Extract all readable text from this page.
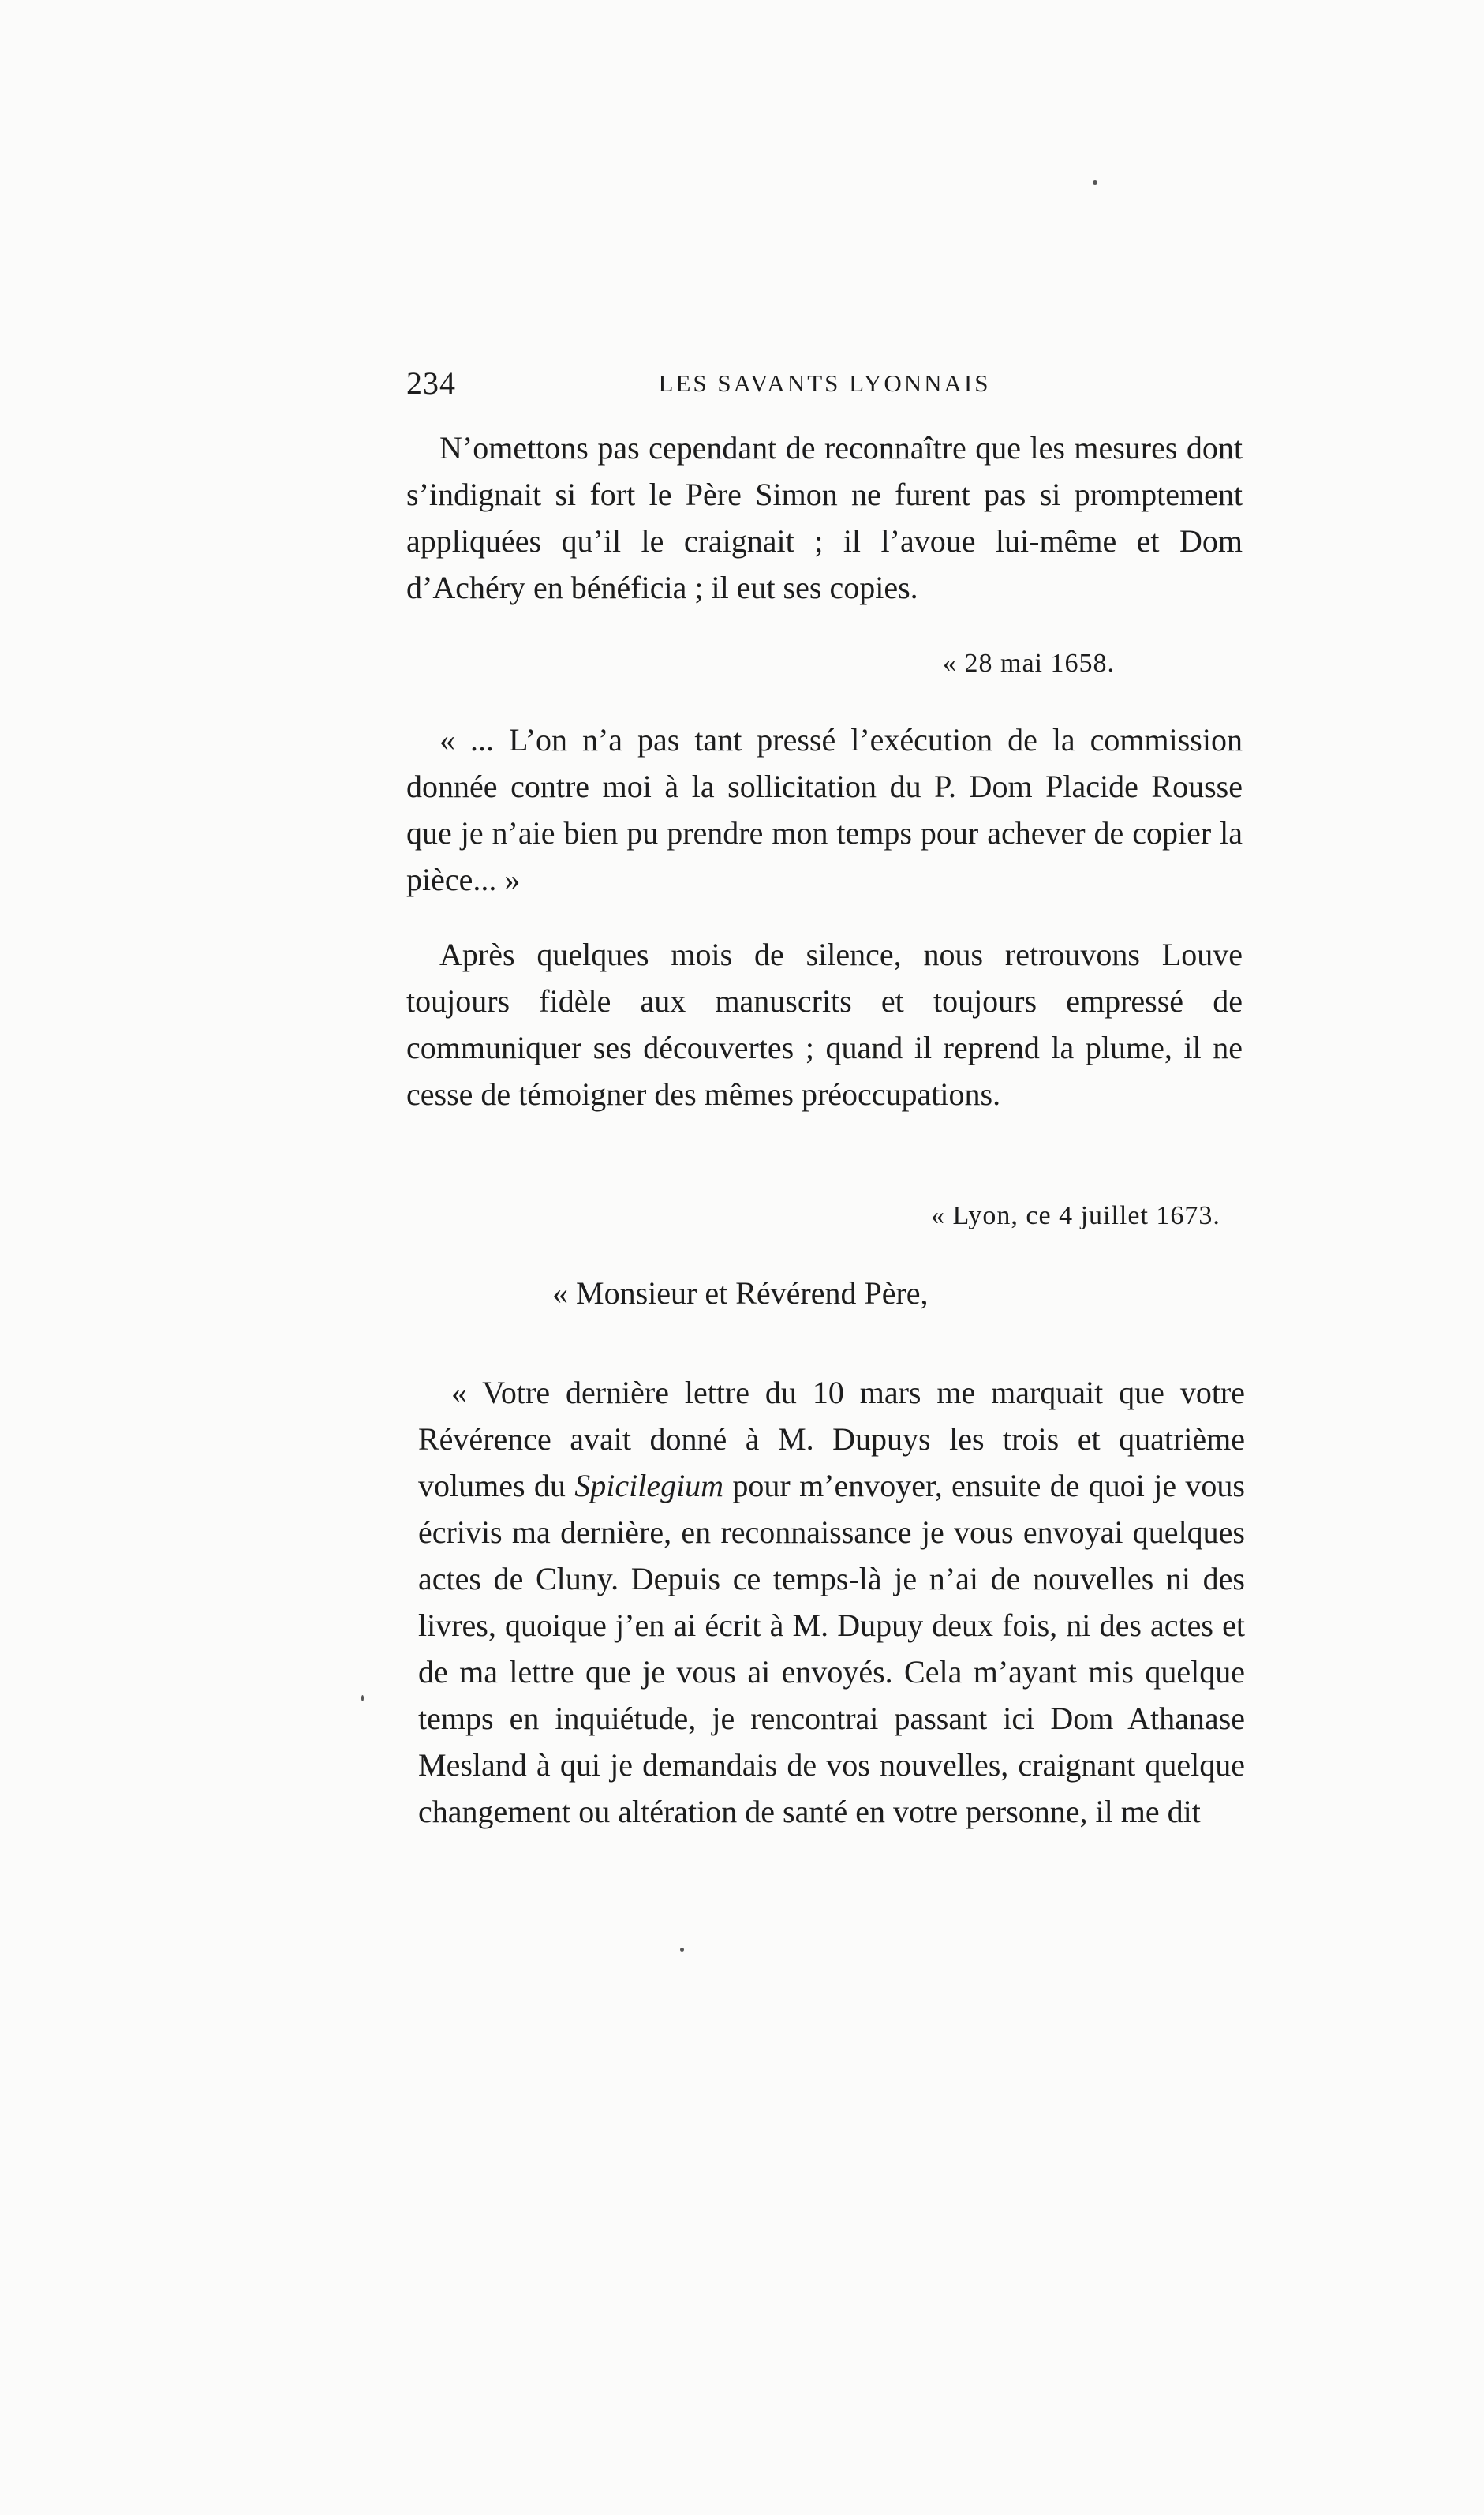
234	LES SAVANTS LYONNAIS

N’omettons pas cependant de reconnaître que les mesures dont s’indignait si fort le Père Simon ne furent pas si promptement appliquées qu’il le craignait ; il l’avoue lui-même et Dom d’Achéry en bénéficia ; il eut ses copies.

« 28 mai 1658.

« ... L’on n’a pas tant pressé l’exécution de la commission donnée contre moi à la sollicitation du P. Dom Placide Rousse que je n’aie bien pu prendre mon temps pour achever de copier la pièce... »

Après quelques mois de silence, nous retrouvons Louve toujours fidèle aux manuscrits et toujours empressé de communiquer ses découvertes ; quand il reprend la plume, il ne cesse de témoigner des mêmes préoccupations.

« Lyon, ce 4 juillet 1673.
« Monsieur et Révérend Père,

« Votre dernière lettre du 10 mars me marquait que votre Révérence avait donné à M. Dupuys les trois et quatrième volumes du Spicilegium pour m’envoyer, ensuite de quoi je vous écrivis ma dernière, en reconnaissance je vous envoyai quelques actes de Cluny. Depuis ce temps-là je n’ai de nouvelles ni des livres, quoique j’en ai écrit à M. Dupuy deux fois, ni des actes et de ma lettre que je vous ai envoyés. Cela m’ayant mis quelque temps en inquiétude, je rencontrai passant ici Dom Athanase Mesland à qui je demandais de vos nouvelles, craignant quelque changement ou altération de santé en votre personne, il me dit
